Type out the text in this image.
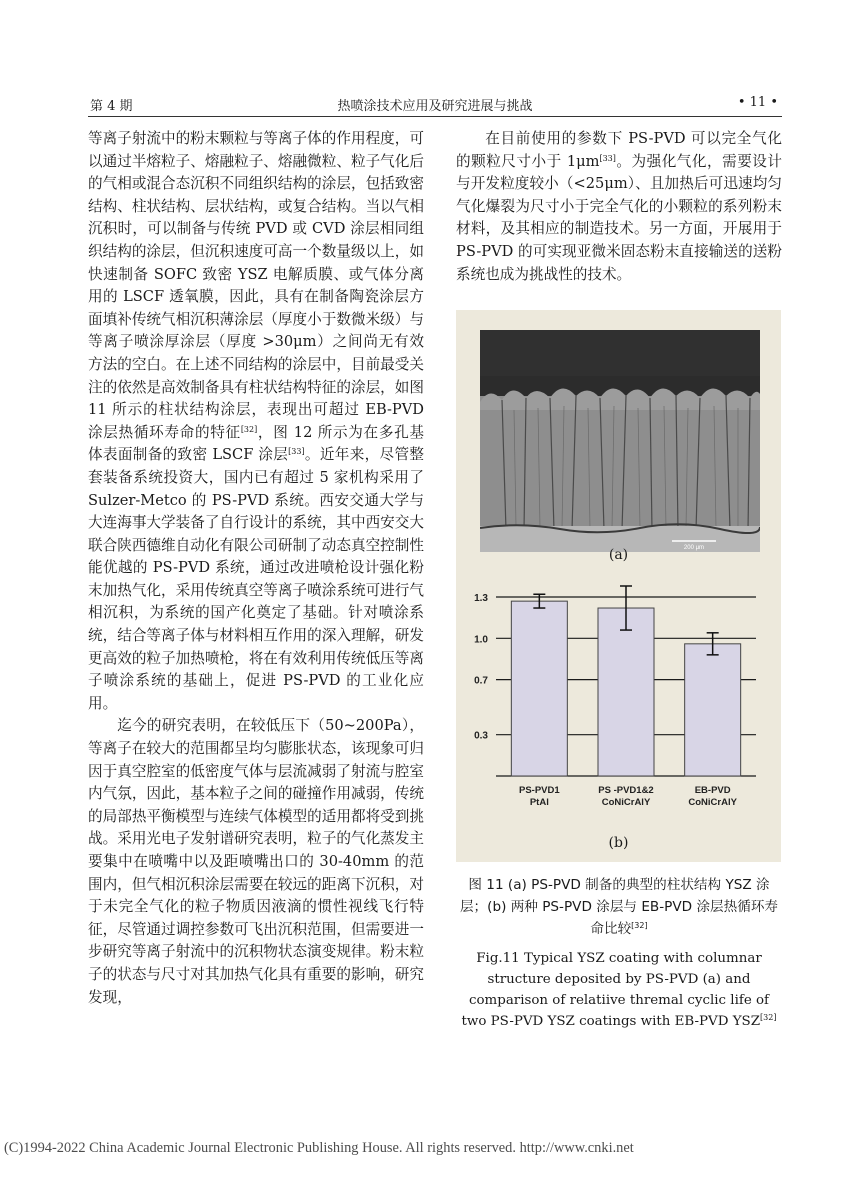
第 4 期	热喷涂技术应用及研究进展与挑战	• 11 •

等离子射流中的粉末颗粒与等离子体的作用程度，可以通过半熔粒子、熔融粒子、熔融微粒、粒子气化后的气相或混合态沉积不同组织结构的涂层，包括致密结构、柱状结构、层状结构，或复合结构。当以气相沉积时，可以制备与传统 PVD 或 CVD 涂层相同组织结构的涂层，但沉积速度可高一个数量级以上，如快速制备 SOFC 致密 YSZ 电解质膜、或气体分离用的 LSCF 透氧膜，因此，具有在制备陶瓷涂层方面填补传统气相沉积薄涂层（厚度小于数微米级）与等离子喷涂厚涂层（厚度 >30μm）之间尚无有效方法的空白。在上述不同结构的涂层中，目前最受关注的依然是高效制备具有柱状结构特征的涂层，如图 11 所示的柱状结构涂层，表现出可超过 EB-PVD 涂层热循环寿命的特征[32]，图 12 所示为在多孔基体表面制备的致密 LSCF 涂层[33]。近年来，尽管整套装备系统投资大，国内已有超过 5 家机构采用了 Sulzer-Metco 的 PS-PVD 系统。西安交通大学与大连海事大学装备了自行设计的系统，其中西安交大联合陕西德维自动化有限公司研制了动态真空控制性能优越的 PS-PVD 系统，通过改进喷枪设计强化粉末加热气化，采用传统真空等离子喷涂系统可进行气相沉积，为系统的国产化奠定了基础。针对喷涂系统，结合等离子体与材料相互作用的深入理解，研发更高效的粒子加热喷枪，将在有效利用传统低压等离子喷涂系统的基础上，促进 PS-PVD 的工业化应用。

迄今的研究表明，在较低压下（50~200Pa），等离子在较大的范围都呈均匀膨胀状态，该现象可归因于真空腔室的低密度气体与层流减弱了射流与腔室内气氛，因此，基本粒子之间的碰撞作用减弱，传统的局部热平衡模型与连续气体模型的适用都将受到挑战。采用光电子发射谱研究表明，粒子的气化蒸发主要集中在喷嘴中以及距喷嘴出口的 30-40mm 的范围内，但气相沉积涂层需要在较远的距离下沉积，对于未完全气化的粒子物质因液滴的惯性视线飞行特征，尽管通过调控参数可飞出沉积范围，但需要进一步研究等离子射流中的沉积物状态演变规律。粉末粒子的状态与尺寸对其加热气化具有重要的影响，研究发现，

在目前使用的参数下 PS-PVD 可以完全气化的颗粒尺寸小于 1μm[33]。为强化气化，需要设计与开发粒度较小（<25μm）、且加热后可迅速均匀气化爆裂为尺寸小于完全气化的小颗粒的系列粉末材料，及其相应的制造技术。另一方面，开展用于 PS-PVD 的可实现亚微米固态粉末直接输送的送粉系统也成为挑战性的技术。

200 μm
(a)
1.3
1.0
0.7
0.3
PS-PVD1
PtAl
PS -PVD1&2
CoNiCrAlY
EB-PVD
CoNiCrAlY
(b)
图 11 (a) PS-PVD 制备的典型的柱状结构 YSZ 涂层；(b) 两种 PS-PVD 涂层与 EB-PVD 涂层热循环寿命比较[32]
Fig.11 Typical YSZ coating with columnar structure deposited by PS-PVD (a) and comparison of relatiive thremal cyclic life of two PS-PVD YSZ coatings with EB-PVD YSZ[32]
(C)1994-2022 China Academic Journal Electronic Publishing House. All rights reserved. http://www.cnki.net
